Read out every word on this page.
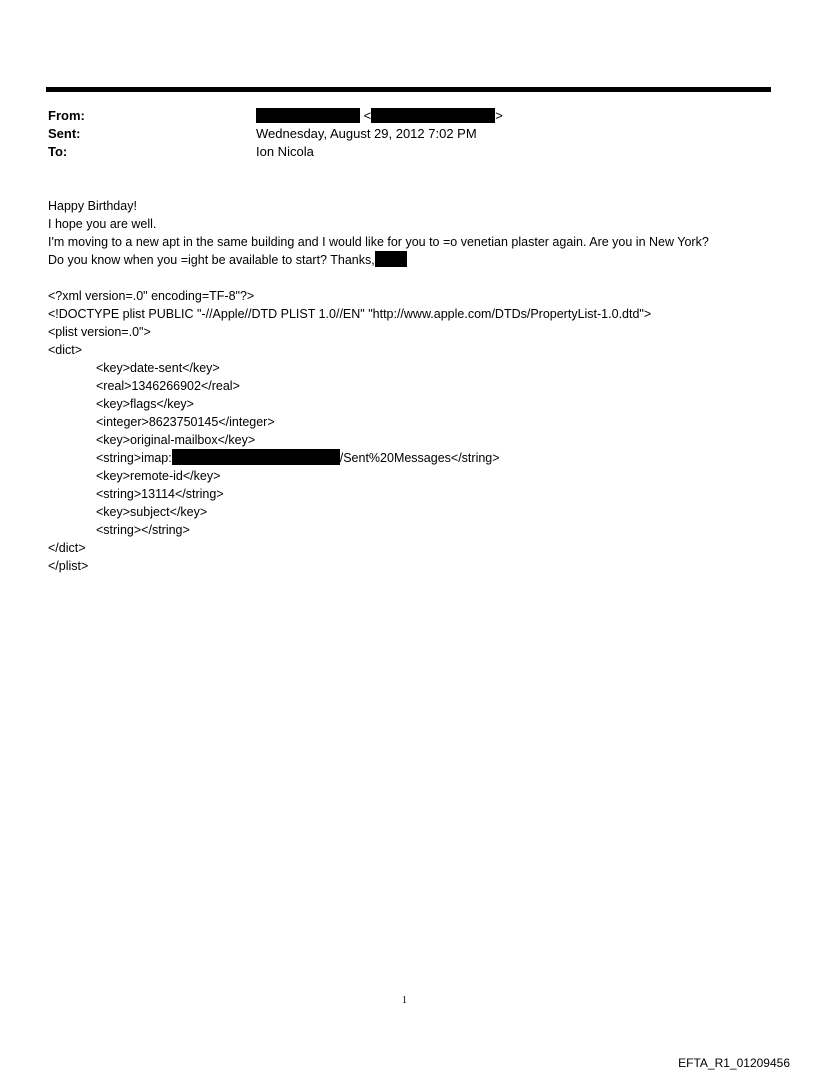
From:	<	>
Sent:	Wednesday, August 29, 2012 7:02 PM
To:	Ion Nicola
Happy Birthday!
I hope you are well.
I'm moving to a new apt in the same building and I would like for you to =o venetian plaster again. Are you in New York?
Do you know when you =ight be available to start? Thanks,
<?xml version=.0" encoding=TF-8"?>
<!DOCTYPE plist PUBLIC "-//Apple//DTD PLIST 1.0//EN" "http://www.apple.com/DTDs/PropertyList-1.0.dtd">
<plist version=.0">
<dict>
<key>date-sent</key>
<real>1346266902</real>
<key>flags</key>
<integer>8623750145</integer>
<key>original-mailbox</key>
<string>imap:	/Sent%20Messages</string>
<key>remote-id</key>
<string>13114</string>
<key>subject</key>
<string></string>
</dict>
</plist>
1
EFTA_R1_01209456
